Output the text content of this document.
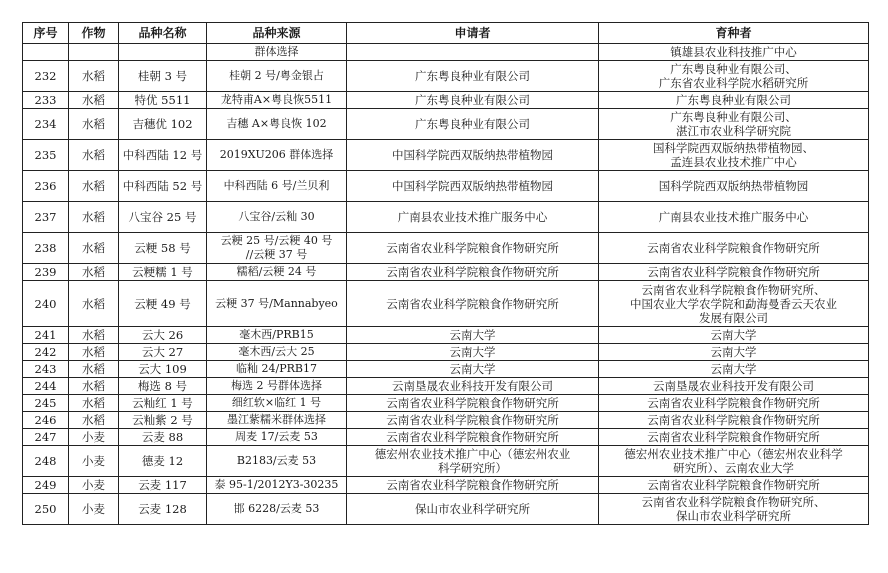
序号	作物	品种名称	品种来源	申请者	育种者

			群体选择		镇雄县农业科技推广中心

232	水稻	桂朝 3 号	桂朝 2 号/粤金银占	广东粤良种业有限公司	广东粤良种业有限公司、
广东省农业科学院水稻研究所

233	水稻	特优 5511	龙特甫A×粤良恢5511	广东粤良种业有限公司	广东粤良种业有限公司

234	水稻	吉穗优 102	吉穗 A×粤良恢 102	广东粤良种业有限公司	广东粤良种业有限公司、
湛江市农业科学研究院

235	水稻	中科西陆 12 号	2019XU206 群体选择	中国科学院西双版纳热带植物园	国科学院西双版纳热带植物园、
孟连县农业技术推广中心

236	水稻	中科西陆 52 号	中科西陆 6 号/兰贝利	中国科学院西双版纳热带植物园	国科学院西双版纳热带植物园

237	水稻	八宝谷 25 号	八宝谷/云籼 30	广南县农业技术推广服务中心	广南县农业技术推广服务中心

238	水稻	云粳 58 号	云粳 25 号/云粳 40 号
//云粳 37 号	云南省农业科学院粮食作物研究所	云南省农业科学院粮食作物研究所

239	水稻	云粳糯 1 号	糯稻/云粳 24 号	云南省农业科学院粮食作物研究所	云南省农业科学院粮食作物研究所

240	水稻	云粳 49 号	云粳 37 号/Mannabyeo	云南省农业科学院粮食作物研究所	云南省农业科学院粮食作物研究所、
中国农业大学农学院和勐海曼香云天农业
发展有限公司

241	水稻	云大 26	毫木西/PRB15	云南大学	云南大学

242	水稻	云大 27	毫木西/云大 25	云南大学	云南大学

243	水稻	云大 109	临籼 24/PRB17	云南大学	云南大学

244	水稻	梅选 8 号	梅选 2 号群体选择	云南垦晟农业科技开发有限公司	云南垦晟农业科技开发有限公司

245	水稻	云籼红 1 号	细红软×临红 1 号	云南省农业科学院粮食作物研究所	云南省农业科学院粮食作物研究所

246	水稻	云籼紫 2 号	墨江紫糯米群体选择	云南省农业科学院粮食作物研究所	云南省农业科学院粮食作物研究所

247	小麦	云麦 88	周麦 17/云麦 53	云南省农业科学院粮食作物研究所	云南省农业科学院粮食作物研究所

248	小麦	德麦 12	B2183/云麦 53	德宏州农业技术推广中心（德宏州农业
科学研究所）	德宏州农业技术推广中心（德宏州农业科学
研究所）、云南农业大学

249	小麦	云麦 117	泰 95-1/2012Y3-30235	云南省农业科学院粮食作物研究所	云南省农业科学院粮食作物研究所

250	小麦	云麦 128	邯 6228/云麦 53	保山市农业科学研究所	云南省农业科学院粮食作物研究所、
保山市农业科学研究所
